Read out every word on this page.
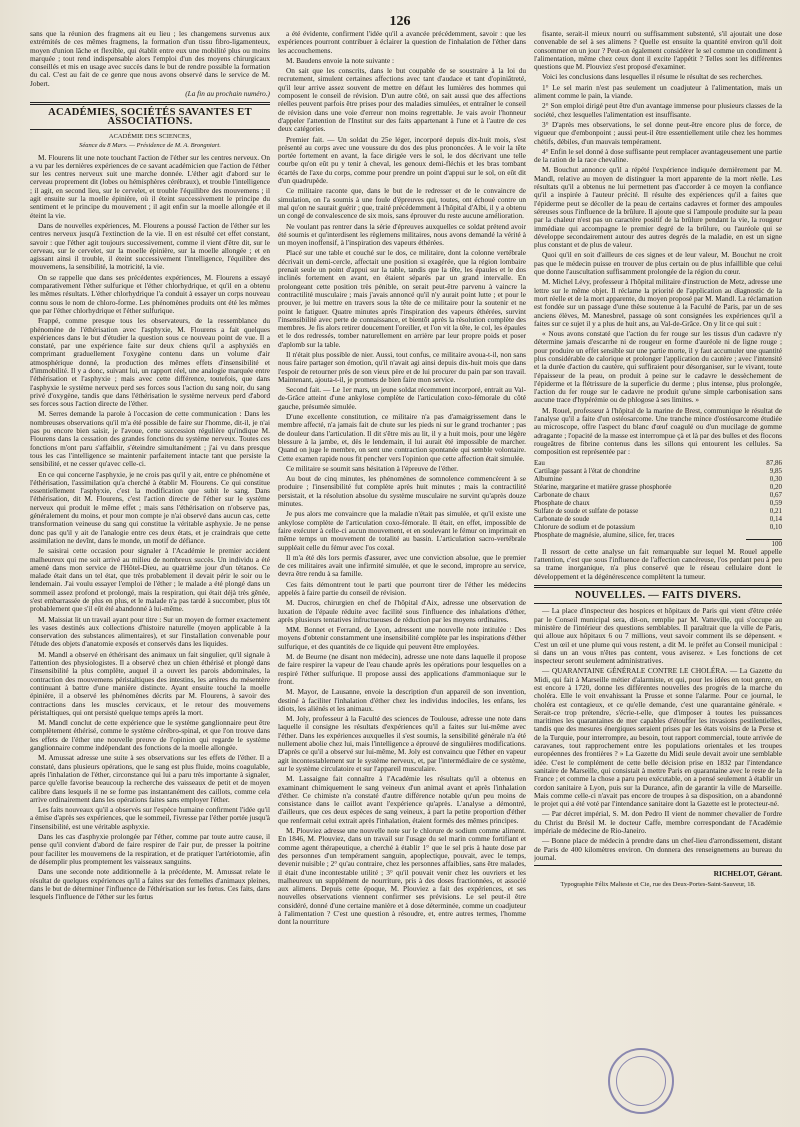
126

sans que la réunion des fragmens ait eu lieu ; les changemens survenus aux extrémités de ces mêmes fragmens, la formation d'un tissu fibro-ligamenteux, moyen d'union lâche et flexible, qui établit entre eux une mobilité plus ou moins marquée ; tout rend indispensable alors l'emploi d'un des moyens chirurgicaux conseillés et mis en usage avec succès dans le but de rendre possible la formation du cal. C'est au fait de ce genre que nous avons observé dans le service de M. Jobert.

(La fin au prochain numéro.)
ACADÉMIES, SOCIÉTÉS SAVANTES ET ASSOCIATIONS.
ACADÉMIE DES SCIENCES,
Séance du 8 Mars. — Présidence de M. A. Brongniart.

M. Flourens lit une note touchant l'action de l'éther sur les centres nerveux. On a vu par les dernières expériences de ce savant académicien que l'action de l'éther sur les centres nerveux suit une marche donnée. L'éther agit d'abord sur le cerveau proprement dit (lobes ou hémisphères cérébraux), et trouble l'intelligence ; il agit, en second lieu, sur le cervelet, et trouble l'équilibre des mouvemens ; il agit ensuite sur la moelle épinière, où il éteint successivement le principe du sentiment et le principe du mouvement ; il agit enfin sur la moelle allongée et il éteint la vie.

Dans de nouvelles expériences, M. Flourens a poussé l'action de l'éther sur les centres nerveux jusqu'à l'extinction de la vie. Il en est résulté cet effet constant, savoir : que l'éther agit toujours successivement, comme il vient d'être dit, sur le cerveau, sur le cervelet, sur la moelle épinière, sur la moelle allongée ; et en agissant ainsi il trouble, il éteint successivement l'intelligence, l'équilibre des mouvemens, la sensibilité, la motricité, la vie.

On se rappelle que dans ses précédentes expériences, M. Flourens a essayé comparativement l'éther sulfurique et l'éther chlorhydrique, et qu'il en a obtenu les mêmes résultats. L'éther chlorhydrique l'a conduit à essayer un corps nouveau connu sous le nom de chloro-forme. Les phénomènes produits ont été les mêmes que par l'éther chlorhydrique et l'éther sulfurique.

Frappé, comme presque tous les observateurs, de la ressemblance du phénomène de l'éthérisation avec l'asphyxie, M. Flourens a fait quelques expériences dans le but d'étudier la question sous ce nouveau point de vue. Il a constaté, par une expérience faite sur deux chiens qu'il a asphyxiés en comprimant graduellement l'oxygène contenu dans un volume d'air atmosphérique donné, la production des mêmes effets d'insensibilité et d'immobilité. Il y a donc, suivant lui, un rapport réel, une analogie marquée entre l'éthérisation et l'asphyxie ; mais avec cette différence, toutefois, que dans l'asphyxie le système nerveux perd ses forces sous l'action du sang noir, du sang privé d'oxygène, tandis que dans l'éthérisation le système nerveux perd d'abord ses forces sous l'action directe de l'éther.

M. Serres demande la parole à l'occasion de cette communication : Dans les nombreuses observations qu'il m'a été possible de faire sur l'homme, dit-il, je n'ai pas pu encore bien saisir, je l'avoue, cette succession régulière qu'indique M. Flourens dans la cessation des grandes fonctions du système nerveux. Toutes ces fonctions m'ont paru s'affaiblir, s'éteindre simultanément ; j'ai vu dans presque tous les cas l'intelligence se maintenir parfaitement intacte tant que persiste la sensibilité, et ne cesser qu'avec celle-ci.

En ce qui concerne l'asphyxie, je ne crois pas qu'il y ait, entre ce phénomène et l'éthérisation, l'assimilation qu'a cherché à établir M. Flourens. Ce qui constitue essentiellement l'asphyxie, c'est la modification que subit le sang. Dans l'éthérisation, dit M. Flourens, c'est l'action directe de l'éther sur le système nerveux qui produit le même effet ; mais sans l'éthérisation on n'observe pas, généralement du moins, et pour mon compte je n'ai observé dans aucun cas, cette transformation veineuse du sang qui constitue la véritable asphyxie. Je ne pense donc pas qu'il y ait de l'analogie entre ces deux états, et je craindrais que cette assimilation ne devînt, dans le monde, un motif de défiance.

Je saisirai cette occasion pour signaler à l'Académie le premier accident malheureux qui me soit arrivé au milieu de nombreux succès. Un individu a été amené dans mon service de l'Hôtel-Dieu, au quatrième jour d'un tétanos. Ce malade était dans un tel état, que très probablement il devait périr le soir ou le lendemain. J'ai voulu essayer l'emploi de l'éther ; le malade a été plongé dans un sommeil assez profond et prolongé, mais la respiration, qui était déjà très gênée, s'est embarrassée de plus en plus, et le malade n'a pas tardé à succomber, plus tôt probablement que s'il eût été abandonné à lui-même.

M. Maissiat lit un travail ayant pour titre : Sur un moyen de former exactement les vases destinés aux collections d'histoire naturelle (moyen applicable à la conservation des substances alimentaires), et sur l'installation convenable pour l'étude des objets d'anatomie exposés et conservés dans les liquides.

M. Mandl a observé en éthérisant des animaux un fait singulier, qu'il signale à l'attention des physiologistes. Il a observé chez un chien éthérisé et plongé dans l'insensibilité la plus complète, auquel il a ouvert les parois abdominales, la contraction des mouvemens péristaltiques des intestins, les artères du mésentère continuant à battre d'une manière distincte. Ayant ensuite touché la moelle épinière, il a observé les phénomènes décrits par M. Flourens, à savoir des contractions dans les muscles cervicaux, et le retour des mouvemens péristaltiques, qui ont persisté quelque temps après la mort.

M. Mandl conclut de cette expérience que le système ganglionnaire peut être complètement éthérisé, comme le système cérébro-spinal, et que l'on trouve dans les effets de l'éther une nouvelle preuve de l'opinion qui regarde le système ganglionnaire comme indépendant des fonctions de la moelle allongée.

M. Amussat adresse une suite à ses observations sur les effets de l'éther. Il a constaté, dans plusieurs opérations, que le sang est plus fluide, moins coagulable, après l'inhalation de l'éther, circonstance qui lui a paru très importante à signaler, parce qu'elle favorise beaucoup la recherche des vaisseaux de petit et de moyen calibre dans lesquels il ne se forme pas instantanément des caillots, comme cela arrive ordinairement dans les opérations faites sans employer l'éther.

Les faits nouveaux qu'il a observés sur l'espèce humaine confirment l'idée qu'il a émise d'après ses expériences, que le sommeil, l'ivresse par l'éther portée jusqu'à l'insensibilité, est une véritable asphyxie.

Dans les cas d'asphyxie prolongée par l'éther, comme par toute autre cause, il pense qu'il convient d'abord de faire respirer de l'air pur, de presser la poitrine pour faciliter les mouvemens de la respiration, et de pratiquer l'artériotomie, afin de désemplir plus promptement les vaisseaux sanguins.

Dans une seconde note additionnelle à la précédente, M. Amussat relate le résultat de quelques expériences qu'il a faites sur des femelles d'animaux pleines, dans le but de déterminer l'influence de l'éthérisation sur les fœtus. Ces faits, dans lesquels l'influence de l'éther sur les fœtus

a été évidente, confirment l'idée qu'il a avancée précédemment, savoir : que les expériences pourront contribuer à éclairer la question de l'inhalation de l'éther dans les accouchemens.

M. Baudens envoie la note suivante :

On sait que les conscrits, dans le but coupable de se soustraire à la loi du recrutement, simulent certaines affections avec tant d'audace et tant d'opiniâtreté, qu'il leur arrive assez souvent de mettre en défaut les lumières des hommes qui composent le conseil de révision. D'un autre côté, on sait aussi que des affections réelles peuvent parfois être prises pour des maladies simulées, et entraîner le conseil de révision dans une voie d'erreur non moins regrettable. Je vais avoir l'honneur d'appeler l'attention de l'Institut sur des faits appartenant à l'une et à l'autre de ces deux catégories.

Premier fait. — Un soldat du 25e léger, incorporé depuis dix-huit mois, s'est présenté au corps avec une voussure du dos des plus prononcées. À le voir la tête portée fortement en avant, la face dirigée vers le sol, le dos décrivant une telle courbe qu'on eût pu y tenir à cheval, les genoux demi-fléchis et les bras tombant écartés de l'axe du corps, comme pour prendre un point d'appui sur le sol, on eût dit d'un quadrupède.

Ce militaire raconte que, dans le but de le redresser et de le convaincre de simulation, on l'a soumis à une foule d'épreuves qui, toutes, ont échoué contre un mal qu'on ne saurait guérir ; que, traité précédemment à l'hôpital d'Albi, il y a obtenu un congé de convalescence de six mois, sans éprouver du reste aucune amélioration.

Ne voulant pas rentrer dans la série d'épreuves auxquelles ce soldat prétend avoir été soumis et qu'interdisent les règlemens militaires, nous avons demandé la vérité à un moyen inoffensif, à l'inspiration des vapeurs éthérées.

Placé sur une table et couché sur le dos, ce militaire, dont la colonne vertébrale décrivait un demi-cercle, affectait une position si exagérée, que la région lombaire prenait seule un point d'appui sur la table, tandis que la tête, les épaules et le dos inclinés fortement en avant, en étaient séparés par un grand intervalle. En prolongeant cette position très pénible, on serait peut-être parvenu à vaincre la contractilité musculaire ; mais j'avais annoncé qu'il n'y aurait point lutte ; et pour le prouver, je lui mettre en travers sous la tête de ce militaire pour la soutenir et ne point le fatiguer. Quatre minutes après l'inspiration des vapeurs éthérées, survint l'insensibilité avec perte de connaissance, et bientôt après la résolution complète des membres. Je fis alors retirer doucement l'oreiller, et l'on vit la tête, le col, les épaules et le dos redressés, tomber naturellement en arrière par leur propre poids et poser d'aplomb sur la table.

Il n'était plus possible de nier. Aussi, tout confus, ce militaire avoua-t-il, non sans nous faire partager son émotion, qu'il n'avait agi ainsi depuis dix-huit mois que dans l'espoir de retourner près de son vieux père et de lui procurer du pain par son travail. Maintenant, ajouta-t-il, je promets de bien faire mon service.

Second fait. — Le 1er mars, un jeune soldat récemment incorporé, entrait au Val-de-Grâce atteint d'une ankylose complète de l'articulation coxo-fémorale du côté gauche, présumée simulée.

D'une excellente constitution, ce militaire n'a pas d'amaigrissement dans le membre affecté, n'a jamais fait de chute sur les pieds ni sur le grand trochanter ; pas de douleur dans l'articulation. Il dit s'être mis au lit, il y a huit mois, pour une légère blessure à la jambe, et, dès le lendemain, il lui aurait été impossible de marcher. Quand on juge le membre, on sent une contraction spontanée qui semble volontaire. Cette examen rapide nous fit pencher vers l'opinion que cette affection était simulée.

Ce militaire se soumit sans hésitation à l'épreuve de l'éther.

Au bout de cinq minutes, les phénomènes de somnolence commencèrent à se produire ; l'insensibilité fut complète après huit minutes ; mais la contractilité persistait, et la résolution absolue du système musculaire ne survint qu'après douze minutes.

Je pus alors me convaincre que la maladie n'était pas simulée, et qu'il existe une ankylose complète de l'articulation coxo-fémorale. Il était, en effet, impossible de faire exécuter à celle-ci aucun mouvement, et en soulevant le fémur on imprimait en même temps un mouvement de totalité au bassin. L'articulation sacro-vertébrale suppléait celle du fémur avec l'os coxal.

Il m'a été dès lors permis d'assurer, avec une conviction absolue, que le premier de ces militaires avait une infirmité simulée, et que le second, impropre au service, devra être rendu à sa famille.

Ces faits démontrent tout le parti que pourront tirer de l'éther les médecins appelés à faire partie du conseil de révision.

M. Ducros, chirurgien en chef de l'hôpital d'Aix, adresse une observation de luxation de l'épaule réduite avec facilité sous l'influence des inhalations d'éther, après plusieurs tentatives infructueuses de réduction par les moyens ordinaires.

MM. Bonnet et Ferrand, de Lyon, adressent une nouvelle note intitulée : Des moyens d'obtenir constamment une insensibilité complète par les inspirations d'éther sulfurique, et des quantités de ce liquide qui peuvent être employées.

M. de Beurne (ne disant non médecin), adresse une note dans laquelle il propose de faire respirer la vapeur de l'eau chaude après les opérations pour lesquelles on a respiré l'éther sulfurique. Il propose aussi des applications d'ammoniaque sur le front.

M. Mayor, de Lausanne, envoie la description d'un appareil de son invention, destiné à faciliter l'inhalation d'éther chez les individus indociles, les enfans, les idiots, les aliénés et les animaux.

M. Joly, professeur à la Faculté des sciences de Toulouse, adresse une note dans laquelle il consigne les résultats d'expériences qu'il a faites sur lui-même avec l'éther. Dans les expériences auxquelles il s'est soumis, la sensibilité générale n'a été nullement abolie chez lui, mais l'intelligence a éprouvé de singulières modifications. D'après ce qu'il a observé sur lui-même, M. Joly est convaincu que l'éther en vapeur agit incontestablement sur le système nerveux, et, par l'intermédiaire de ce système, sur le système circulatoire et sur l'appareil musculaire.

M. Lassaigne fait connaître à l'Académie les résultats qu'il a obtenus en examinant chimiquement le sang veineux d'un animal avant et après l'inhalation d'éther. Ce chimiste n'a constaté d'autre différence notable qu'un peu moins de consistance dans le caillot avant l'expérience qu'après. L'analyse a démontré, d'ailleurs, que ces deux espèces de sang veineux, à part la petite proportion d'éther que renfermait celui extrait après l'inhalation, étaient formés des mêmes principes.

M. Plouviez adresse une nouvelle note sur le chlorure de sodium comme aliment. En 1846, M. Plouviez, dans un travail sur l'usage du sel marin comme fortifiant et comme agent thérapeutique, a cherché à établir 1° que le sel pris à haute dose par des personnes d'un tempérament sanguin, apoplectique, pouvait, avec le temps, devenir nuisible ; 2° qu'au contraire, chez les personnes affaiblies, sans être malades, il était d'une incontestable utilité ; 3° qu'il pouvait venir chez les ouvriers et les malheureux un supplément de nourriture, pris à des doses fractionnées, et associé aux alimens. Depuis cette époque, M. Plouviez a fait des expériences, et ses nouvelles observations viennent confirmer ses prévisions. Le sel peut-il être considéré, donné d'une certaine manière et à dose déterminée, comme un coadjuteur à l'alimentation ? C'est une question à résoudre, et, entre autres termes, l'homme dont la nourriture

fisante, serait-il mieux nourri ou suffisamment substenté, s'il ajoutait une dose convenable de sel à ses alimens ? Quelle est ensuite la quantité environ qu'il doit consommer en un jour ? Peut-on également considérer le sel comme un condiment à l'alimentation, même chez ceux dont il excite l'appétit ? Telles sont les différentes questions que M. Plouviez s'est proposé d'examiner.

Voici les conclusions dans lesquelles il résume le résultat de ses recherches.

1° Le sel marin n'est pas seulement un coadjuteur à l'alimentation, mais un aliment comme le pain, la viande.

2° Son emploi dirigé peut être d'un avantage immense pour plusieurs classes de la société, chez lesquelles l'alimentation est insuffisante.

3° D'après mes observations, le sel donne peut-être encore plus de force, de vigueur que d'embonpoint ; aussi peut-il être essentiellement utile chez les hommes chétifs, débiles, d'un mauvais tempérament.

4° Enfin le sel donné à dose suffisante peut remplacer avantageusement une partie de la ration de la race chevaline.

M. Bouchut annonce qu'il a répété l'expérience indiquée dernièrement par M. Mandl, relative au moyen de distinguer la mort apparente de la mort réelle. Les résultats qu'il a obtenus ne lui permettent pas d'accorder à ce moyen la confiance qu'il a inspirée à l'auteur précité. Il résulte des expériences qu'il a faites que l'épiderme peut se décoller de la peau de certains cadavres et former des ampoules séreuses sous l'influence de la brûlure. Il ajoute que si l'ampoule produite sur la peau par la chaleur n'est pas un caractère positif de la brûlure pendant la vie, la rougeur immédiate qui accompagne le premier degré de la brûlure, ou l'auréole qui se développe secondairement autour des autres degrés de la maladie, en est un signe plus constant et de plus de valeur.

Quoi qu'il en soit d'ailleurs de ces signes et de leur valeur, M. Bouchut ne croit pas que le médecin puisse en trouver de plus certain ou de plus infaillible que celui que donne l'auscultation suffisamment prolongée de la région du cœur.

M. Michel Lévy, professeur à l'hôpital militaire d'instruction de Metz, adresse une lettre sur le même objet. Il réclame la priorité de l'application au diagnostic de la mort réelle et de la mort apparente, du moyen proposé par M. Mandl. La réclamation est fondée sur un passage d'une thèse soutenue à la Faculté de Paris, par un de ses anciens élèves, M. Manesbrel, passage où sont consignées les expériences qu'il a faites sur ce sujet il y a plus de huit ans, au Val-de-Grâce. On y lit ce qui suit :

« Nous avons constaté que l'action du fer rouge sur les tissus d'un cadavre n'y détermine jamais d'escarrhe ni de rougeur en forme d'auréole ni de ligne rouge ; pour produire un effet sensible sur une partie morte, il y faut accumuler une quantité plus considérable de calorique et prolonger l'application du cautère ; avec l'intensité et la durée d'action du cautère, qui suffiraient pour désorganiser, sur le vivant, toute l'épaisseur de la peau, on produit à peine sur le cadavre le dessèchement de l'épiderme et la flétrissure de la superficie du derme ; plus intense, plus prolongée, l'action du fer rouge sur le cadavre ne produit qu'une simple carbonisation sans aucune trace d'hypérémie ou de phlogose à ses limites. »

M. Rouel, professeur à l'hôpital de la marine de Brest, communique le résultat de l'analyse qu'il a faite d'un ostéosarcome. Une tranche mince d'ostéosarcome étudiée au microscope, offre l'aspect du blanc d'œuf coagulé ou d'un mucilage de gomme adragante ; l'opacité de la masse est interrompue çà et là par des bulles et des flocons rougeâtres de fibrine contenus dans les sillons qui entourent les cellules. Sa composition est représentée par :

Eau	87,86
Cartilage passant à l'état de chondrine	9,85
Albumine	0,30
Stéarine, margarine et matière grasse phosphorée	0,20
Carbonate de chaux	0,67
Phosphate de chaux	0,59
Sulfate de soude et sulfate de potasse	0,21
Carbonate de soude	0,14
Chlorure de sodium et de potassium	0,10
Phosphate de magnésie, alumine, silice, fer, traces	
100

Il ressort de cette analyse un fait remarquable sur lequel M. Rouel appelle l'attention, c'est que sous l'influence de l'affection cancéreuse, l'os perdant peu à peu sa trame inorganique, n'a plus conservé que le réseau cellulaire dont le développement et la dégénérescence complètent la tumeur.

NOUVELLES. — FAITS DIVERS.

— La place d'inspecteur des hospices et hôpitaux de Paris qui vient d'être créée par le Conseil municipal sera, dit-on, remplie par M. Vatteville, qui s'occupe au ministère de l'intérieur des questions semblables. Il paraîtrait que la ville de Paris, qui alloue aux hôpitaux 6 ou 7 millions, veut savoir comment ils se dépensent. « C'est un œil et une plume qui vous restent, a dit M. le préfet au Conseil municipal : si dans un an vous n'êtes pas content, vous aviserez. » Les fonctions de cet inspecteur seront seulement administratives.

— QUARANTAINE GÉNÉRALE CONTRE LE CHOLÉRA. — La Gazette du Midi, qui fait à Marseille métier d'alarmiste, et qui, pour les idées en tout genre, en est encore à 1720, donne les différentes nouvelles des progrès de la marche du choléra. Elle le voit envahissant la Prusse et sonne l'alarme. Pour ce journal, le choléra est contagieux, et ce qu'elle demande, c'est une quarantaine générale. « Serait-ce trop prétendre, s'écrie-t-elle, que d'imposer à toutes les puissances maritimes les quarantaines de mer capables d'étouffer les invasions pestilentielles, tandis que des mesures énergiques seraient prises par les états voisins de la Perse et de la Turquie, pour interrompre, au besoin, tout rapport commercial, toute arrivée de caravanes, tout rapprochement entre les populations orientales et les troupes européennes des frontières ? » La Gazette du Midi seule devait avoir une semblable idée. C'est le complément de cette belle décision prise en 1832 par l'intendance sanitaire de Marseille, qui consistait à mettre Paris en quarantaine avec le reste de la France ; et comme la chose a paru peu exécutable, on a pensé seulement à établir un cordon sanitaire à Lyon, puis sur la Durance, afin de garantir la ville de Marseille. Mais comme celle-ci n'avait pas encore de troupes à sa disposition, on a abandonné le projet qui a été voté par l'intendance sanitaire dont la Gazette est le protecteur-né.

— Par décret impérial, S. M. don Pedro II vient de nommer chevalier de l'ordre du Christ du Brésil M. le docteur Caffe, membre correspondant de l'Académie impériale de médecine de Rio-Janeiro.

— Bonne place de médecin à prendre dans un chef-lieu d'arrondissement, distant de Paris de 400 kilomètres environ. On donnera des renseignemens au bureau du journal.

RICHELOT, Gérant.
Typographie Félix Malteste et Cie, rue des Deux-Portes-Saint-Sauveur, 18.
